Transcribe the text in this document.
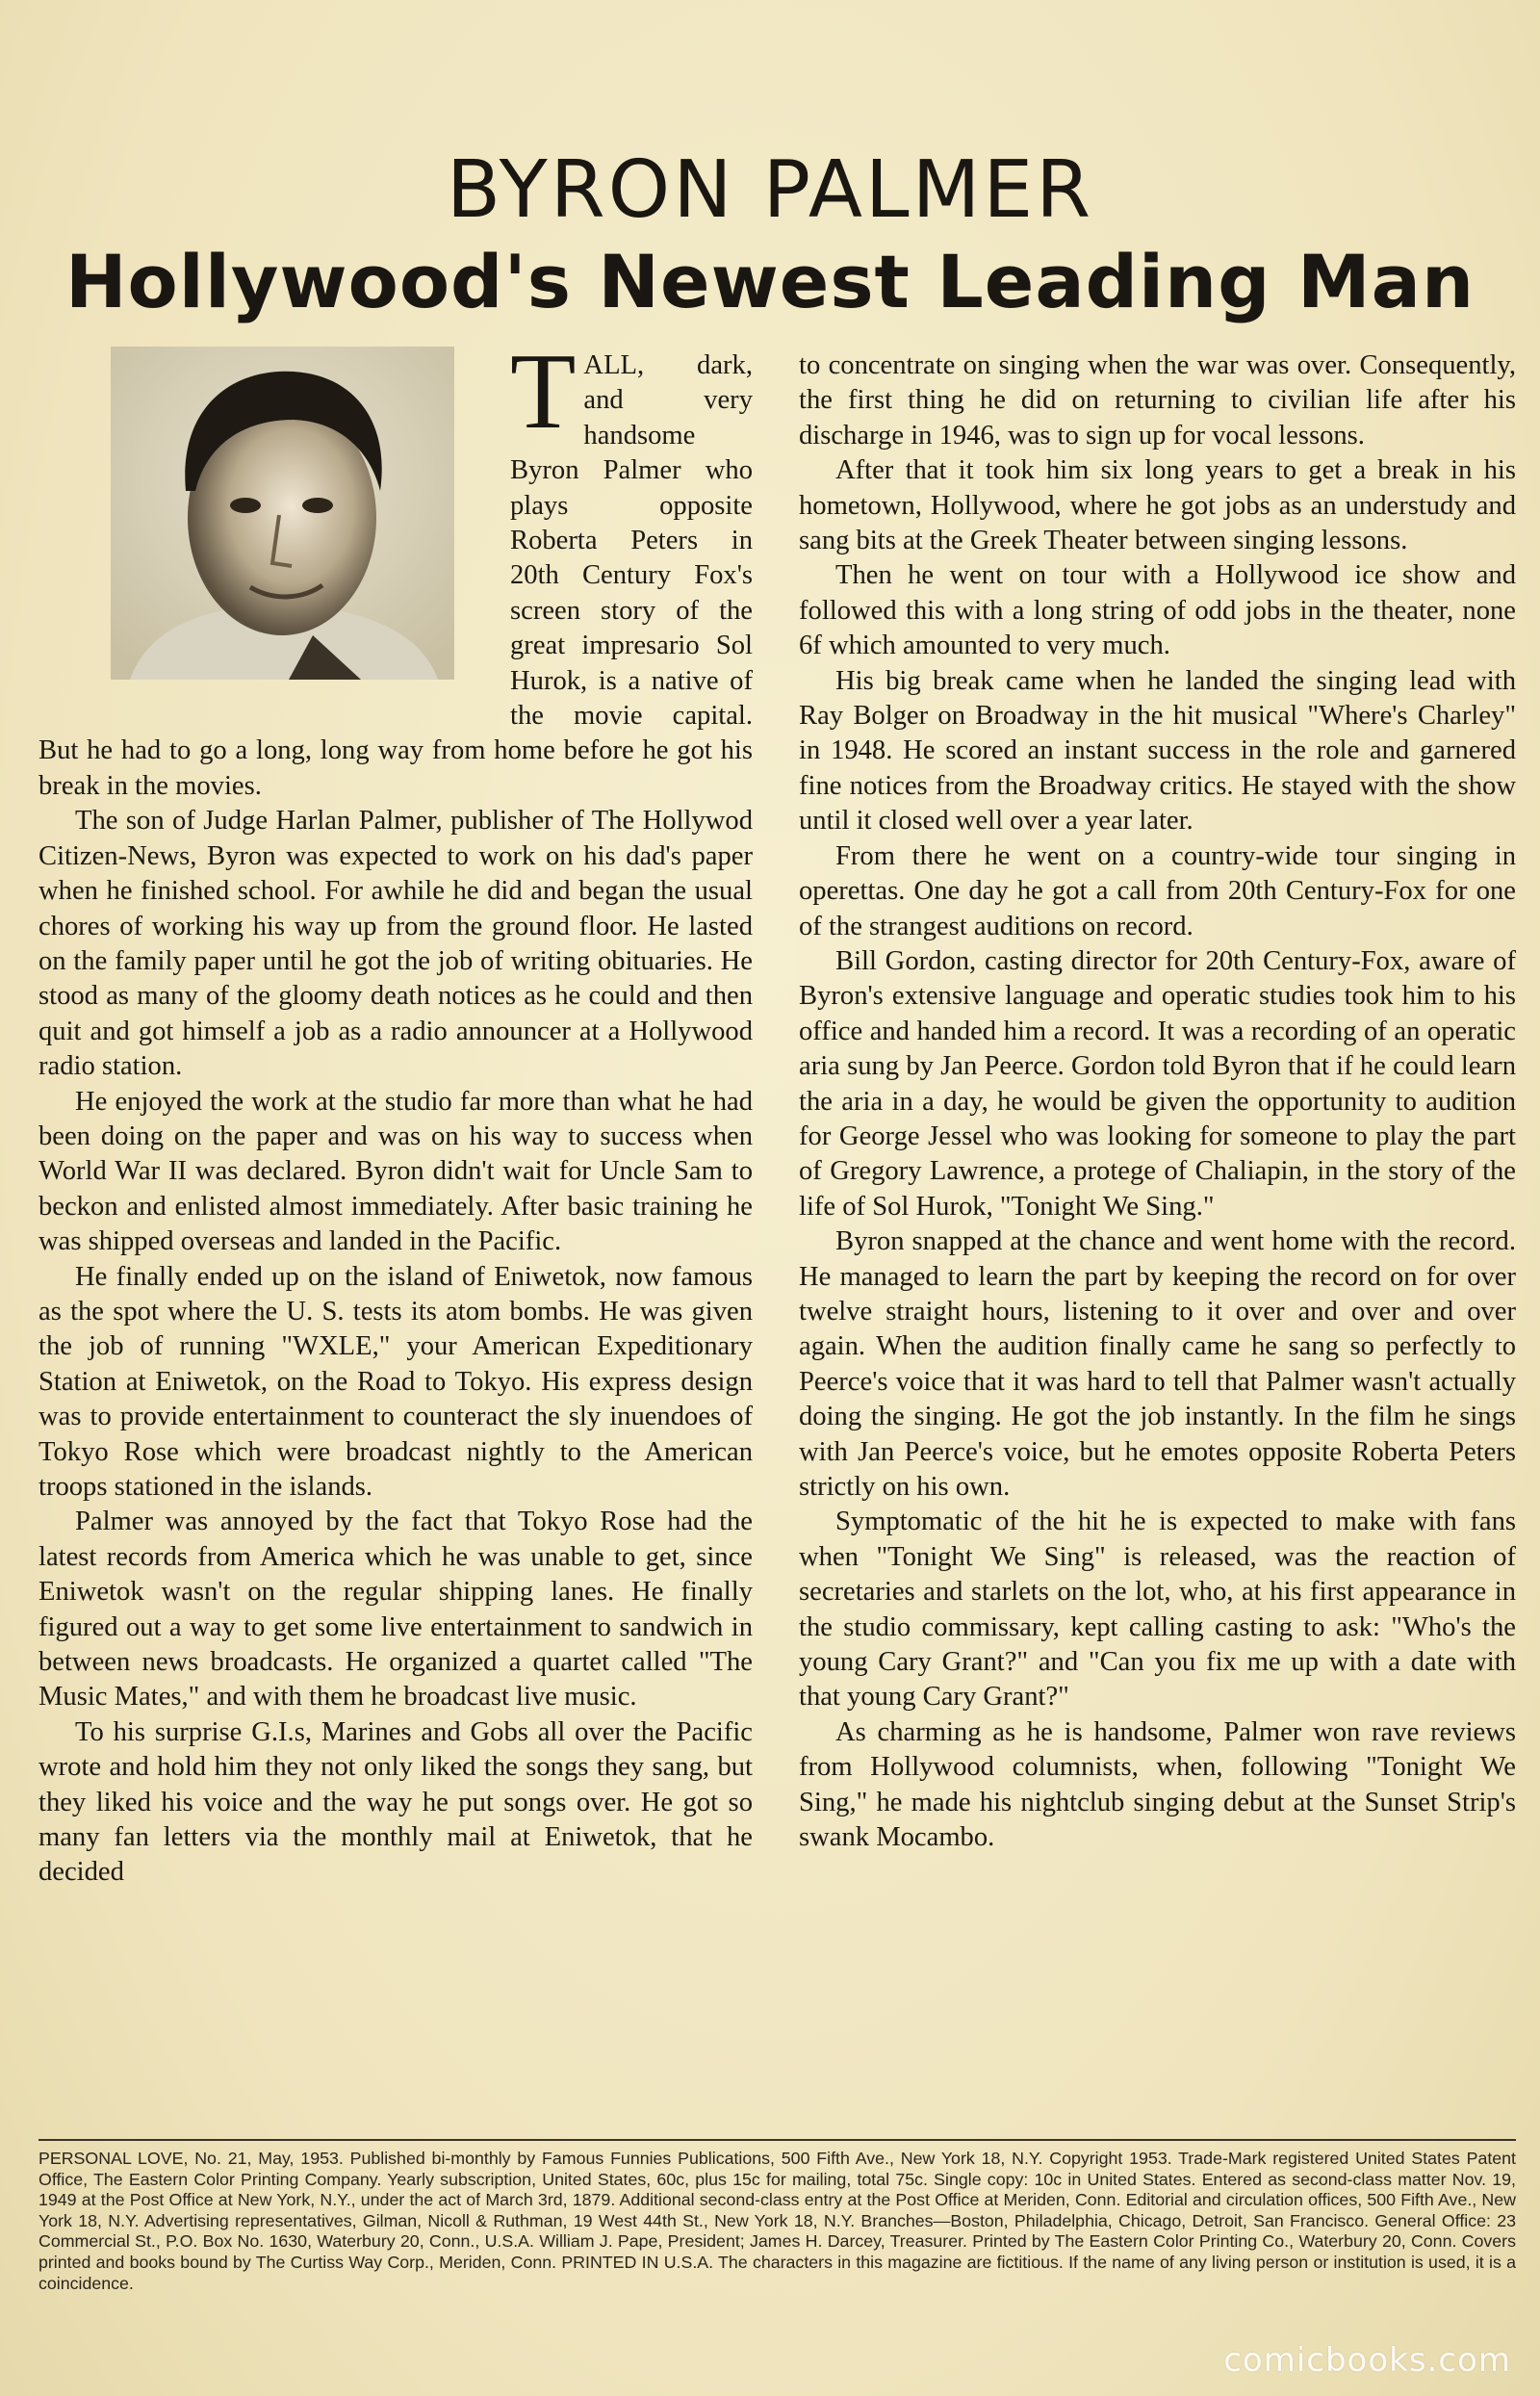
BYRON PALMER
Hollywood's Newest Leading Man

TALL, dark, and very handsome Byron Palmer who plays opposite Roberta Peters in 20th Century Fox's screen story of the great impresario Sol Hurok, is a native of the movie capital. But he had to go a long, long way from home before he got his break in the movies.

The son of Judge Harlan Palmer, publisher of The Hollywod Citizen-News, Byron was expected to work on his dad's paper when he finished school. For awhile he did and began the usual chores of working his way up from the ground floor. He lasted on the family paper until he got the job of writing obituaries. He stood as many of the gloomy death notices as he could and then quit and got himself a job as a radio announcer at a Hollywood radio station.

He enjoyed the work at the studio far more than what he had been doing on the paper and was on his way to success when World War II was declared. Byron didn't wait for Uncle Sam to beckon and enlisted almost immediately. After basic training he was shipped overseas and landed in the Pacific.

He finally ended up on the island of Eniwetok, now famous as the spot where the U. S. tests its atom bombs. He was given the job of running "WXLE," your American Expeditionary Station at Eniwetok, on the Road to Tokyo. His express design was to provide entertainment to counteract the sly inuendoes of Tokyo Rose which were broadcast nightly to the American troops stationed in the islands.

Palmer was annoyed by the fact that Tokyo Rose had the latest records from America which he was unable to get, since Eniwetok wasn't on the regular shipping lanes. He finally figured out a way to get some live entertainment to sandwich in between news broadcasts. He organized a quartet called "The Music Mates," and with them he broadcast live music.

To his surprise G.I.s, Marines and Gobs all over the Pacific wrote and hold him they not only liked the songs they sang, but they liked his voice and the way he put songs over. He got so many fan letters via the monthly mail at Eniwetok, that he decided

to concentrate on singing when the war was over. Consequently, the first thing he did on returning to civilian life after his discharge in 1946, was to sign up for vocal lessons.

After that it took him six long years to get a break in his hometown, Hollywood, where he got jobs as an understudy and sang bits at the Greek Theater between singing lessons.

Then he went on tour with a Hollywood ice show and followed this with a long string of odd jobs in the theater, none 6f which amounted to very much.

His big break came when he landed the singing lead with Ray Bolger on Broadway in the hit musical "Where's Charley" in 1948. He scored an instant success in the role and garnered fine notices from the Broadway critics. He stayed with the show until it closed well over a year later.

From there he went on a country-wide tour singing in operettas. One day he got a call from 20th Century-Fox for one of the strangest auditions on record.

Bill Gordon, casting director for 20th Century-Fox, aware of Byron's extensive language and operatic studies took him to his office and handed him a record. It was a recording of an operatic aria sung by Jan Peerce. Gordon told Byron that if he could learn the aria in a day, he would be given the opportunity to audition for George Jessel who was looking for someone to play the part of Gregory Lawrence, a protege of Chaliapin, in the story of the life of Sol Hurok, "Tonight We Sing."

Byron snapped at the chance and went home with the record. He managed to learn the part by keeping the record on for over twelve straight hours, listening to it over and over and over again. When the audition finally came he sang so perfectly to Peerce's voice that it was hard to tell that Palmer wasn't actually doing the singing. He got the job instantly. In the film he sings with Jan Peerce's voice, but he emotes opposite Roberta Peters strictly on his own.

Symptomatic of the hit he is expected to make with fans when "Tonight We Sing" is released, was the reaction of secretaries and starlets on the lot, who, at his first appearance in the studio commissary, kept calling casting to ask: "Who's the young Cary Grant?" and "Can you fix me up with a date with that young Cary Grant?"

As charming as he is handsome, Palmer won rave reviews from Hollywood columnists, when, following "Tonight We Sing," he made his nightclub singing debut at the Sunset Strip's swank Mocambo.

PERSONAL LOVE, No. 21, May, 1953. Published bi-monthly by Famous Funnies Publications, 500 Fifth Ave., New York 18, N.Y. Copyright 1953. Trade-Mark registered United States Patent Office, The Eastern Color Printing Company. Yearly subscription, United States, 60c, plus 15c for mailing, total 75c. Single copy: 10c in United States. Entered as second-class matter Nov. 19, 1949 at the Post Office at New York, N.Y., under the act of March 3rd, 1879. Additional second-class entry at the Post Office at Meriden, Conn. Editorial and circulation offices, 500 Fifth Ave., New York 18, N.Y. Advertising representatives, Gilman, Nicoll & Ruthman, 19 West 44th St., New York 18, N.Y. Branches—Boston, Philadelphia, Chicago, Detroit, San Francisco. General Office: 23 Commercial St., P.O. Box No. 1630, Waterbury 20, Conn., U.S.A. William J. Pape, President; James H. Darcey, Treasurer. Printed by The Eastern Color Printing Co., Waterbury 20, Conn. Covers printed and books bound by The Curtiss Way Corp., Meriden, Conn. PRINTED IN U.S.A. The characters in this magazine are fictitious. If the name of any living person or institution is used, it is a coincidence.
comicbooks.com
